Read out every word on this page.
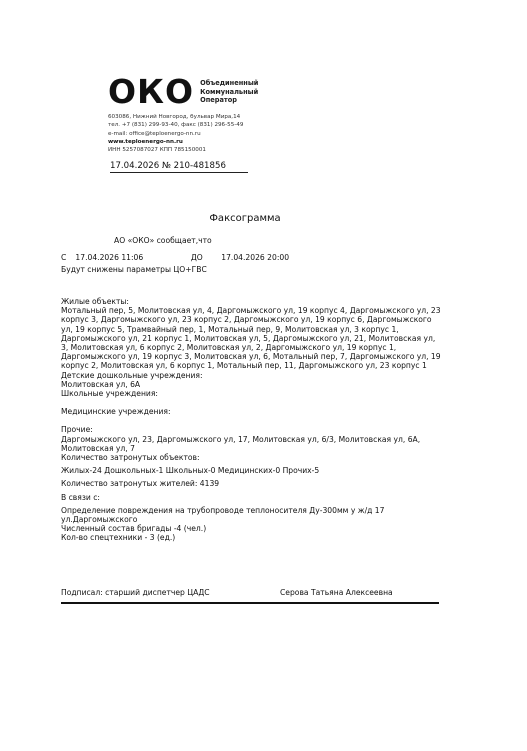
ОКО Объединенный
Коммунальный
Оператор
603086, Нижний Новгород, бульвар Мира,14
тел. +7 (831) 299-93-40, факс (831) 296-55-49
e-mail: office@teploenergo-nn.ru
www.teploenergo-nn.ru
ИНН 5257087027 КПП 785150001
17.04.2026 № 210-481856
Факсограмма
АО «ОКО» сообщает,что
С 17.04.2026 11:06	ДО 17.04.2026 20:00
Будут снижены параметры ЦО+ГВС
Жилые объекты:
Мотальный пер, 5, Молитовская ул, 4, Даргомыжского ул, 19 корпус 4, Даргомыжского ул, 23 корпус 3, Даргомыжского ул, 23 корпус 2, Даргомыжского ул, 19 корпус 6, Даргомыжского ул, 19 корпус 5, Трамвайный пер, 1, Мотальный пер, 9, Молитовская ул, 3 корпус 1, Даргомыжского ул, 21 корпус 1, Молитовская ул, 5, Даргомыжского ул, 21, Молитовская ул, 3, Молитовская ул, 6 корпус 2, Молитовская ул, 2, Даргомыжского ул, 19 корпус 1, Даргомыжского ул, 19 корпус 3, Молитовская ул, 6, Мотальный пер, 7, Даргомыжского ул, 19 корпус 2, Молитовская ул, 6 корпус 1, Мотальный пер, 11, Даргомыжского ул, 23 корпус 1
Детские дошкольные учреждения:
Молитовская ул, 6А
Школьные учреждения:
Медицинские учреждения:
Прочие:
Даргомыжского ул, 23, Даргомыжского ул, 17, Молитовская ул, 6/3, Молитовская ул, 6А, Молитовская ул, 7
Количество затронутых объектов:
Жилых-24 Дошкольных-1 Школьных-0 Медицинских-0 Прочих-5
Количество затронутых жителей: 4139
В связи с:
Определение повреждения на трубопроводе теплоносителя Ду-300мм у ж/д 17 ул.Даргомыжского
Численный состав бригады -4 (чел.)
Кол-во спецтехники - 3 (ед.)
Подписал: старший диспетчер ЦАДС	Серова Татьяна Алексеевна
